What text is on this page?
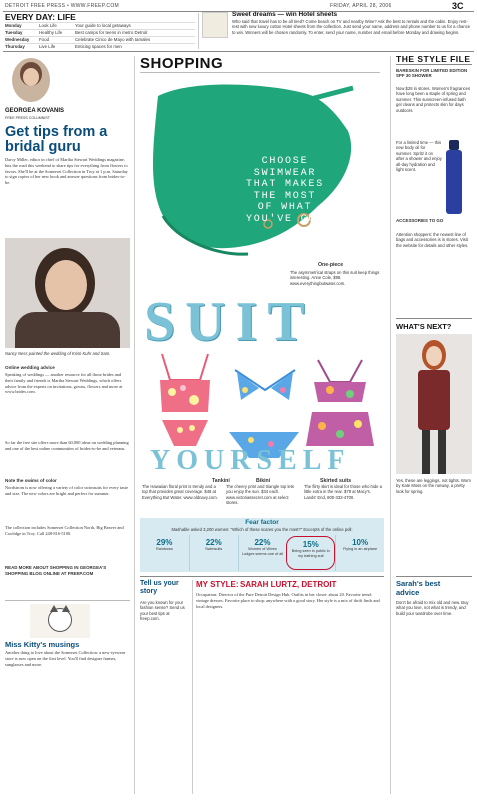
DETROIT FREE PRESS • WWW.FREEP.COM	FRIDAY, APRIL 28, 2006	3C
EVERY DAY: LIFE
Monday	Look Life	Your guide to local getaways
Tuesday	Healthy Life	Best camps for teens in metro Detroit
Wednesday	Food	Celebrate Cinco de Mayo with tamales
Thursday	Live Life	Enticing spaces for men
Sweet dreams — win Hotel sheets
Who said that travel has to be all tired? Come beach on TV and nearby Wine? Ask the best to rentals and the cabin. Enjoy rest-rest with new luxury cotton Hotel sheets from the collection. Just send your name, address and phone number to us for a chance to win. Winners will be chosen randomly. To enter, send your name, number and email before Monday and drawing begins.
SHOPPING
GEORGEA KOVANIS
FREE PRESS COLUMNIST
Get tips from a bridal guru
Darcy Miller, editor in chief of Martha Stewart Weddings magazine, hits the road this weekend to share tips for everything from flowers to favors. She'll be at the Somerset Collection in Troy at 1 p.m. Saturday to sign copies of her new book and answer questions from brides-to-be.
Nancy Ness painted the wedding of Kristi Kuhr and Sam.
Online wedding advice
Speaking of weddings — another resource for all those brides and their family and friends is Martha Stewart Weddings, which offers advice from the experts on invitations, gowns, flowers and more at www.brides.com.
So far the free site offers more than 60,000 ideas on wedding planning and one of the best online communities of brides-to-be and veterans.
Note the swims of color
Nordstrom is now offering a variety of color swimsuits for every taste and size. The new colors are bright and perfect for summer.
The collection includes Somerset Collection North, Big Beaver and Coolidge in Troy. Call 248-816-5100.
READ MORE ABOUT SHOPPING IN GEORGEA'S SHOPPING BLOG ONLINE AT FREEP.COM
Miss Kitty's musings
Another thing to love about the Somerset Collection: a new eyewear store is now open on the first level. You'll find designer frames, sunglasses and more.
CHOOSE
SWIMWEAR
THAT MAKES
THE MOST
OF WHAT
YOU'VE GOT
One-piece
The asymmetrical straps on this suit keep things interesting. Anne Cole, $98. www.everythingbutwater.com.
SUIT
YOURSELF
Tankini
The Hawaiian floral print is trendy and a top that provides great coverage. $48 at Everything But Water. www.oldnavy.com.
Bikini
The cheery print and triangle top lets you enjoy the sun. $34 each. www.victoriassecret.com at select stores.
Skirted suits
The flirty skirt is ideal for those who hide a little extra in the rear. $78 at Macy's. Lands' End, 800-332-4700.
Fear factor
Mashable asked 3,200 women: "Which of these scares you the most?" Excerpts of the online poll:
29%
Rainbows
22%
Swimsuits
22%
Women of Wives Lodges seems one of all
15%
Being seen in public in my bathing suit
10%
Flying in an airplane
Tell us your story
Are you known for your fashion sense? Send us your best tips at freep.com.
MY STYLE: SARAH LURTZ, DETROIT
Occupation: Director of the Pure Detroit Design Hub. Outfits in her closet: about 20. Favorite trend: vintage dresses. Favorite place to shop: anywhere with a good story. Her style is a mix of thrift finds and local designers.
THE STYLE FILE
BARESKIN FOR LIMITED EDITION SPF 30 SHOWER
Now $28 in stores. Women's fragrances have long been a staple of spring and summer. This sunscreen-infused bath gel cleans and protects skin for days outdoors.
For a limited time — this new body oil for summer. Spritz it on after a shower and enjoy all-day hydration and light scent.
ACCESSORIES TO GO
Attention shoppers: the newest line of bags and accessories is in stores. Visit the website for details and other styles.
WHAT'S NEXT?
Yes, these are leggings, not tights. Worn by Kate Moss on the runway, a pretty look for spring.
Sarah's best advice
Don't be afraid to mix old and new. Buy what you love, not what is trendy, and build your wardrobe over time.
